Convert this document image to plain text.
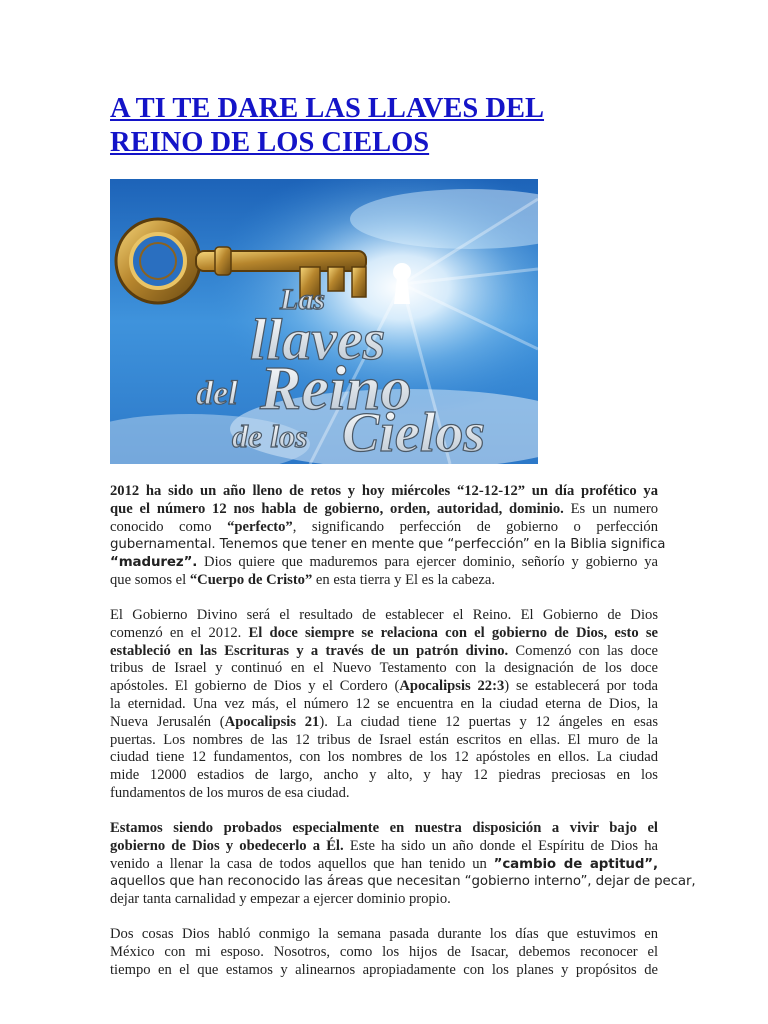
A TI TE DARE LAS LLAVES DEL
REINO DE LOS CIELOS
Las
llaves
del Reino
de los Cielos
2012 ha sido un año lleno de retos y hoy miércoles “12-12-12” un día profético ya
que el número 12 nos habla de gobierno, orden, autoridad, dominio. Es un numero
conocido como “perfecto”, significando perfección de gobierno o perfección
gubernamental. Tenemos que tener en mente que “perfección” en la Biblia significa
“madurez”. Dios quiere que maduremos para ejercer dominio, señorío y gobierno ya
que somos el “Cuerpo de Cristo” en esta tierra y El es la cabeza.
El Gobierno Divino será el resultado de establecer el Reino. El Gobierno de Dios
comenzó en el 2012. El doce siempre se relaciona con el gobierno de Dios, esto se
estableció en las Escrituras y a través de un patrón divino. Comenzó con las doce
tribus de Israel y continuó en el Nuevo Testamento con la designación de los doce
apóstoles. El gobierno de Dios y el Cordero (Apocalipsis 22:3) se establecerá por toda
la eternidad. Una vez más, el número 12 se encuentra en la ciudad eterna de Dios, la
Nueva Jerusalén (Apocalipsis 21). La ciudad tiene 12 puertas y 12 ángeles en esas
puertas. Los nombres de las 12 tribus de Israel están escritos en ellas. El muro de la
ciudad tiene 12 fundamentos, con los nombres de los 12 apóstoles en ellos. La ciudad
mide 12000 estadios de largo, ancho y alto, y hay 12 piedras preciosas en los
fundamentos de los muros de esa ciudad.
Estamos siendo probados especialmente en nuestra disposición a vivir bajo el
gobierno de Dios y obedecerlo a Él. Este ha sido un año donde el Espíritu de Dios ha
venido a llenar la casa de todos aquellos que han tenido un ”cambio de aptitud”,
aquellos que han reconocido las áreas que necesitan “gobierno interno”, dejar de pecar,
dejar tanta carnalidad y empezar a ejercer dominio propio.
Dos cosas Dios habló conmigo la semana pasada durante los días que estuvimos en
México con mi esposo. Nosotros, como los hijos de Isacar, debemos reconocer el
tiempo en el que estamos y alinearnos apropiadamente con los planes y propósitos de
